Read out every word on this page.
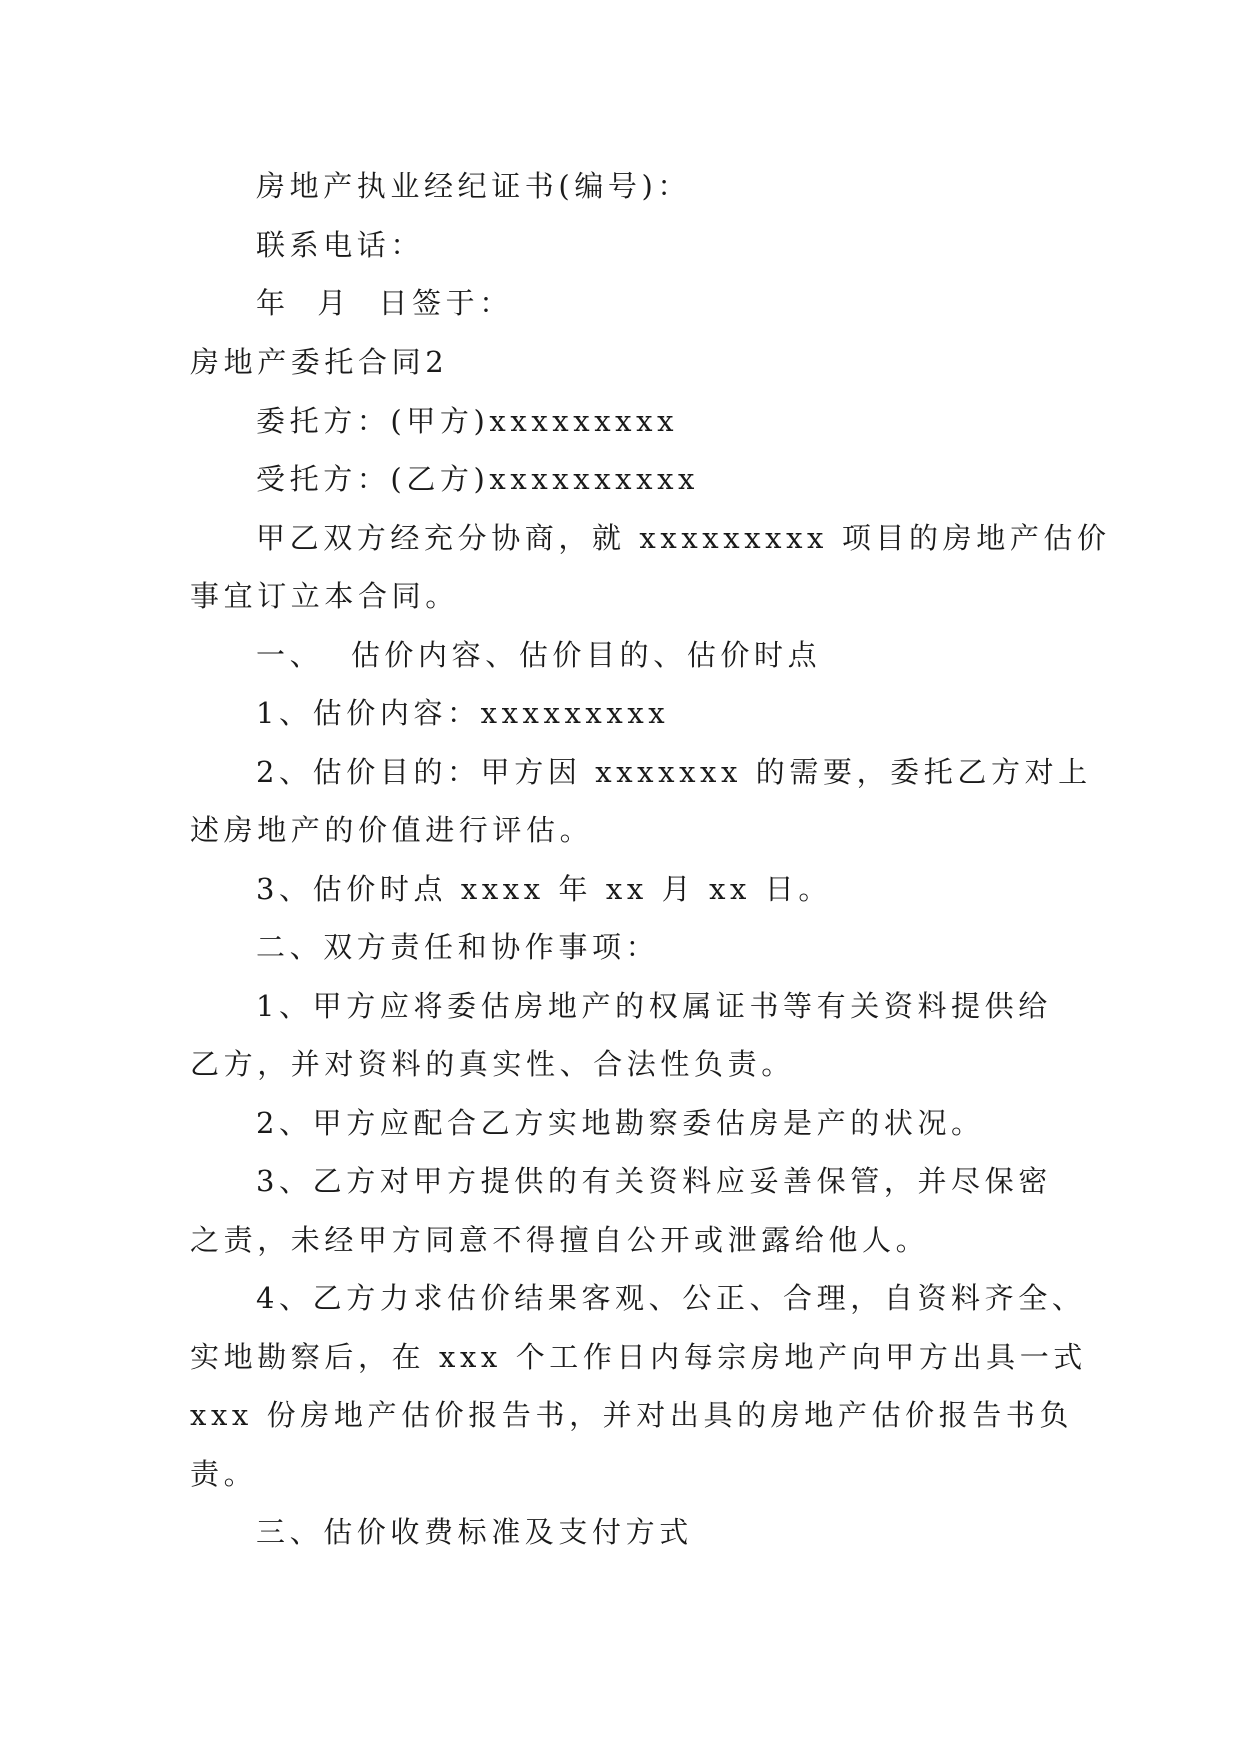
房地产执业经纪证书(编号)：
联系电话：
年  月  日签于：
房地产委托合同2
委托方：(甲方)xxxxxxxxx
受托方：(乙方)xxxxxxxxxx
甲乙双方经充分协商，就 xxxxxxxxx 项目的房地产估价
事宜订立本合同。
一、  估价内容、估价目的、估价时点
1、估价内容：xxxxxxxxx
2、估价目的：甲方因 xxxxxxx 的需要，委托乙方对上
述房地产的价值进行评估。
3、估价时点 xxxx 年 xx 月 xx 日。
二、双方责任和协作事项：
1、甲方应将委估房地产的权属证书等有关资料提供给
乙方，并对资料的真实性、合法性负责。
2、甲方应配合乙方实地勘察委估房是产的状况。
3、乙方对甲方提供的有关资料应妥善保管，并尽保密
之责，未经甲方同意不得擅自公开或泄露给他人。
4、乙方力求估价结果客观、公正、合理，自资料齐全、
实地勘察后，在 xxx 个工作日内每宗房地产向甲方出具一式
xxx 份房地产估价报告书，并对出具的房地产估价报告书负
责。
三、估价收费标准及支付方式
